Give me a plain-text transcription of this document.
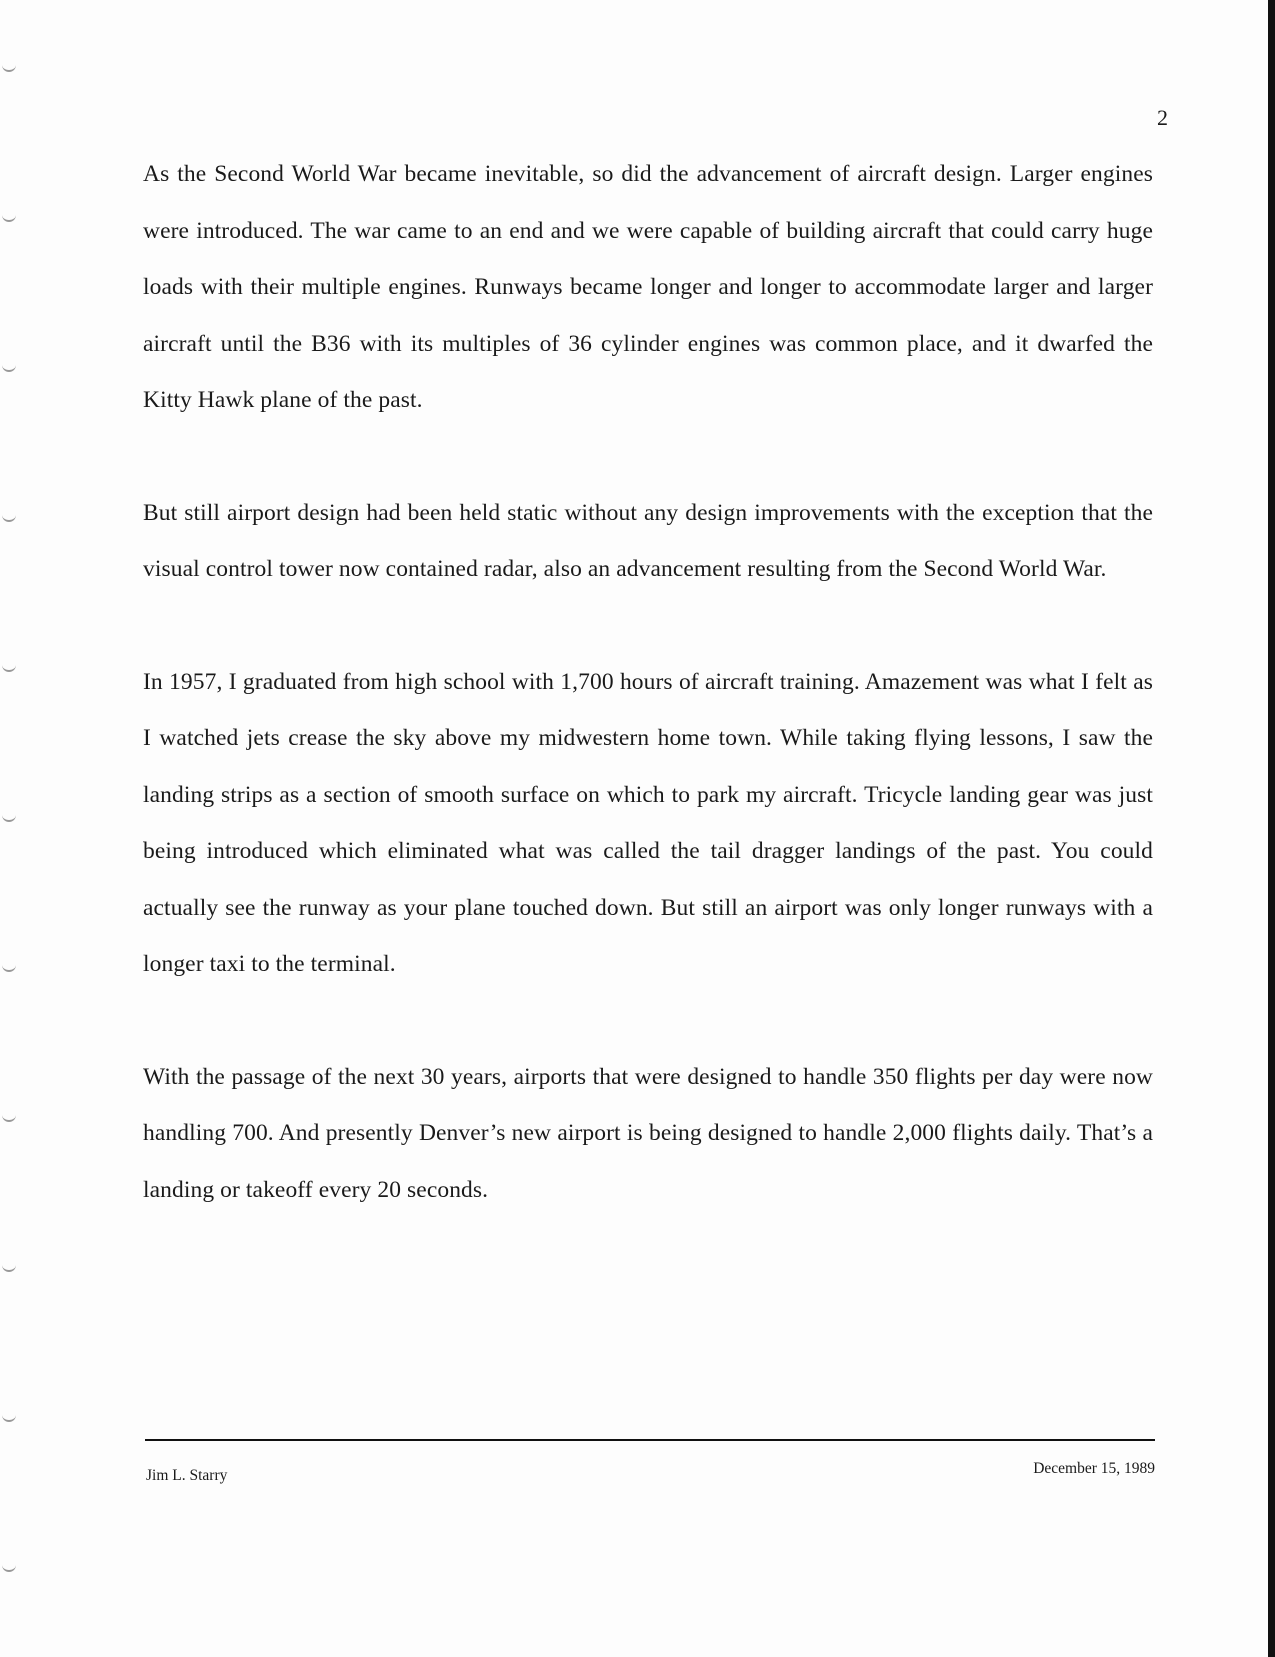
2

As the Second World War became inevitable, so did the advancement of aircraft design. Larger engines were introduced. The war came to an end and we were capable of building aircraft that could carry huge loads with their multiple engines. Runways became longer and longer to accommodate larger and larger aircraft until the B36 with its multiples of 36 cylinder engines was common place, and it dwarfed the Kitty Hawk plane of the past.

But still airport design had been held static without any design improvements with the exception that the visual control tower now contained radar, also an advancement resulting from the Second World War.

In 1957, I graduated from high school with 1,700 hours of aircraft training. Amazement was what I felt as I watched jets crease the sky above my midwestern home town. While taking flying lessons, I saw the landing strips as a section of smooth surface on which to park my aircraft. Tricycle landing gear was just being introduced which eliminated what was called the tail dragger landings of the past. You could actually see the runway as your plane touched down. But still an airport was only longer runways with a longer taxi to the terminal.

With the passage of the next 30 years, airports that were designed to handle 350 flights per day were now handling 700. And presently Denver’s new airport is being designed to handle 2,000 flights daily. That’s a landing or takeoff every 20 seconds.

Jim L. Starry	December 15, 1989
